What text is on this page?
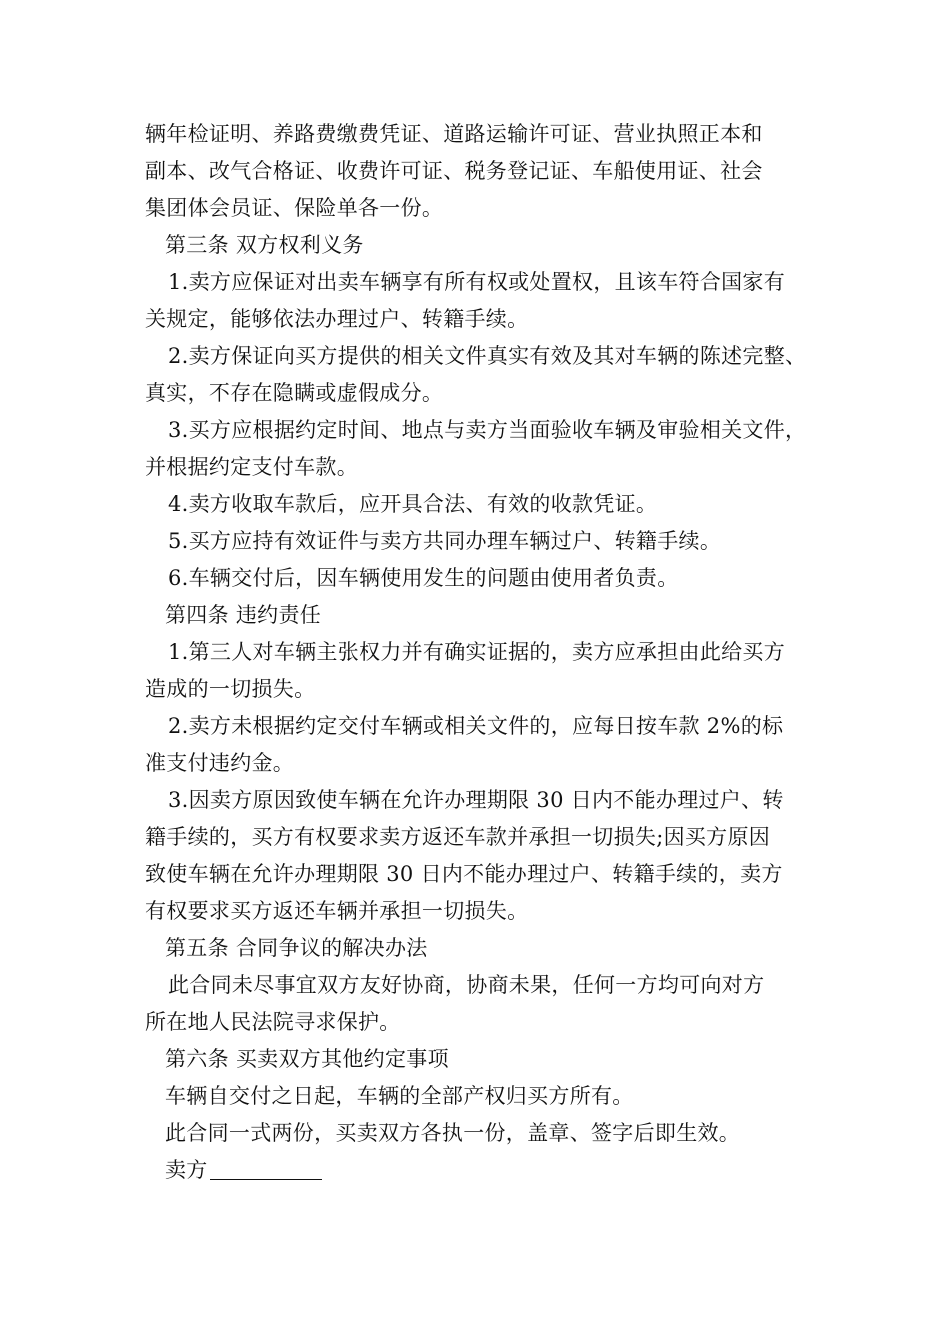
辆年检证明、养路费缴费凭证、道路运输许可证、营业执照正本和
副本、改气合格证、收费许可证、税务登记证、车船使用证、社会
集团体会员证、保险单各一份。
第三条 双方权利义务
1.卖方应保证对出卖车辆享有所有权或处置权，且该车符合国家有
关规定，能够依法办理过户、转籍手续。
2.卖方保证向买方提供的相关文件真实有效及其对车辆的陈述完整、
真实，不存在隐瞒或虚假成分。
3.买方应根据约定时间、地点与卖方当面验收车辆及审验相关文件，
并根据约定支付车款。
4.卖方收取车款后，应开具合法、有效的收款凭证。
5.买方应持有效证件与卖方共同办理车辆过户、转籍手续。
6.车辆交付后，因车辆使用发生的问题由使用者负责。
第四条 违约责任
1.第三人对车辆主张权力并有确实证据的，卖方应承担由此给买方
造成的一切损失。
2.卖方未根据约定交付车辆或相关文件的，应每日按车款 2%的标
准支付违约金。
3.因卖方原因致使车辆在允许办理期限 30 日内不能办理过户、转
籍手续的，买方有权要求卖方返还车款并承担一切损失;因买方原因
致使车辆在允许办理期限 30 日内不能办理过户、转籍手续的，卖方
有权要求买方返还车辆并承担一切损失。
第五条 合同争议的解决办法
此合同未尽事宜双方友好协商，协商未果，任何一方均可向对方
所在地人民法院寻求保护。
第六条 买卖双方其他约定事项
车辆自交付之日起，车辆的全部产权归买方所有。
此合同一式两份，买卖双方各执一份，盖章、签字后即生效。
卖方
